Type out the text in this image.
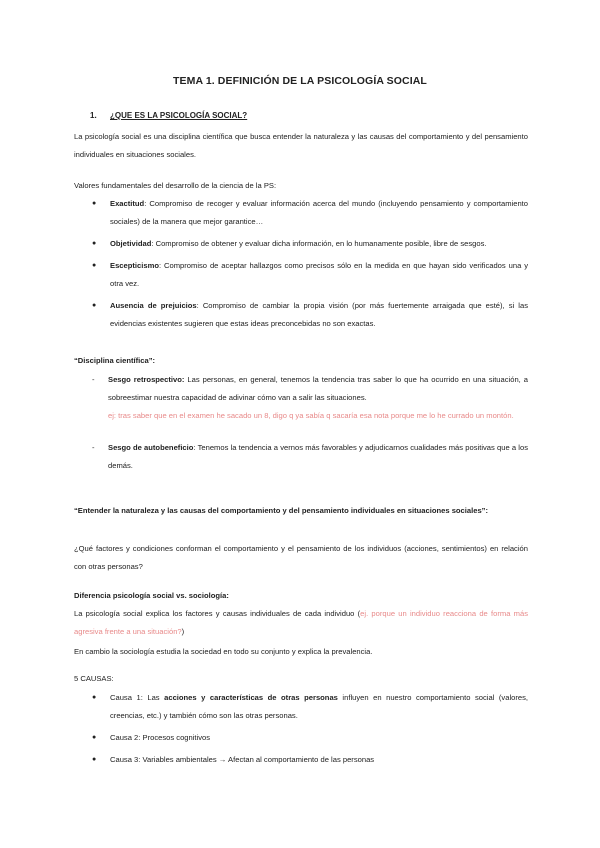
TEMA 1. DEFINICIÓN DE LA PSICOLOGÍA SOCIAL
1. ¿QUE ES LA PSICOLOGÍA SOCIAL?
La psicología social es una disciplina científica que busca entender la naturaleza y las causas del comportamiento y del pensamiento individuales en situaciones sociales.
Valores fundamentales del desarrollo de la ciencia de la PS:
● Exactitud: Compromiso de recoger y evaluar información acerca del mundo (incluyendo pensamiento y comportamiento sociales) de la manera que mejor garantice…
● Objetividad: Compromiso de obtener y evaluar dicha información, en lo humanamente posible, libre de sesgos.
● Escepticismo: Compromiso de aceptar hallazgos como precisos sólo en la medida en que hayan sido verificados una y otra vez.
● Ausencia de prejuicios: Compromiso de cambiar la propia visión (por más fuertemente arraigada que esté), si las evidencias existentes sugieren que estas ideas preconcebidas no son exactas.
“Disciplina científica”:
- Sesgo retrospectivo: Las personas, en general, tenemos la tendencia tras saber lo que ha ocurrido en una situación, a sobreestimar nuestra capacidad de adivinar cómo van a salir las situaciones.
ej: tras saber que en el examen he sacado un 8, digo q ya sabía q sacaría esa nota porque me lo he currado un montón.
- Sesgo de autobeneficio: Tenemos la tendencia a vernos más favorables y adjudicarnos cualidades más positivas que a los demás.
“Entender la naturaleza y las causas del comportamiento y del pensamiento individuales en situaciones sociales”:
¿Qué factores y condiciones conforman el comportamiento y el pensamiento de los individuos (acciones, sentimientos) en relación con otras personas?
Diferencia psicología social vs. sociología:
La psicología social explica los factores y causas individuales de cada individuo (ej. porque un individuo reacciona de forma más agresiva frente a una situación?)
En cambio la sociología estudia la sociedad en todo su conjunto y explica la prevalencia.
5 CAUSAS:
● Causa 1: Las acciones y características de otras personas influyen en nuestro comportamiento social (valores, creencias, etc.) y también cómo son las otras personas.
● Causa 2: Procesos cognitivos
● Causa 3: Variables ambientales → Afectan al comportamiento de las personas
